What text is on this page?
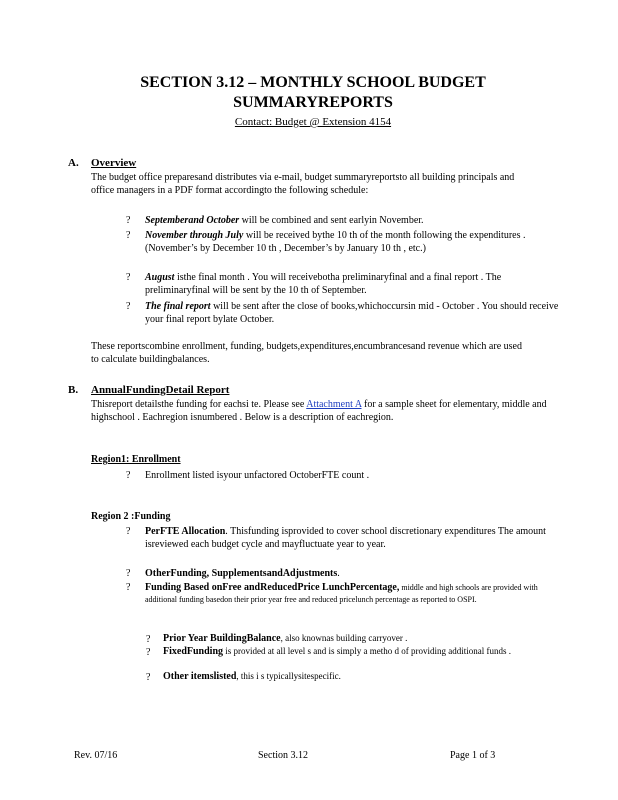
SECTION 3.12 – MONTHLY SCHOOL BUDGET
SUMMARYREPORTS
Contact: Budget @ Extension 4154
A. Overview
The budget office preparesand distributes via e-mail, budget summaryreportsto all building principals and office managers in a PDF format accordingto the following schedule:
? Septemberand October will be combined and sent earlyin November.
? November through July will be received bythe 10 th of the month following the expenditures . (November’s by December 10 th , December’s by January 10 th , etc.)
? August isthe final month . You will receivebotha preliminaryfinal and a final report . The preliminaryfinal will be sent by the 10 th of September.
? The final report will be sent after the close of books,whichoccursin mid - October . You should receive your final report bylate October.
These reportscombine enrollment, funding, budgets,expenditures,encumbrancesand revenue which are used to calculate buildingbalances.
B. AnnualFundingDetail Report
Thisreport detailsthe funding for eachsi te. Please see Attachment A for a sample sheet for elementary, middle and highschool . Eachregion isnumbered . Below is a description of eachregion.
Region1: Enrollment
? Enrollment listed isyour unfactored OctoberFTE count .
Region 2 :Funding
? PerFTE Allocation. Thisfunding isprovided to cover school discretionary expenditures The amount isreviewed each budget cycle and mayfluctuate year to year.
? OtherFunding, SupplementsandAdjustments.
? Funding Based onFree andReducedPrice LunchPercentage, middle and high schools are provided with additional funding basedon their prior year free and reduced pricelunch percentage as reported to OSPI.
? Prior Year BuildingBalance, also knownas building carryover .
? FixedFunding is provided at all level s and is simply a metho d of providing additional funds .
? Other itemslisted, this i s typicallysitespecific.
Rev. 07/16	Section 3.12	Page 1 of 3
